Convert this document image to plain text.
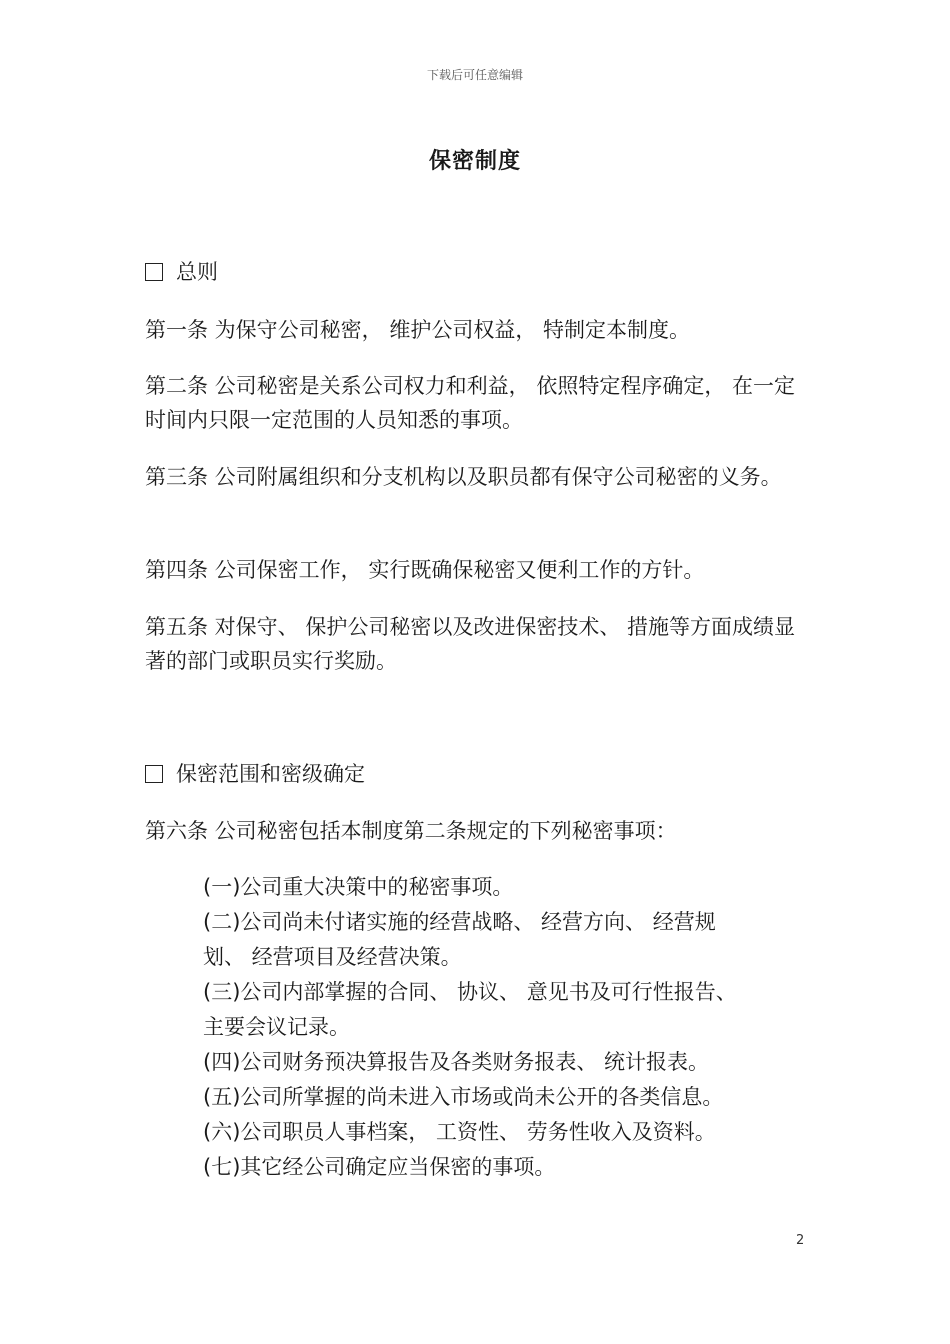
下载后可任意编辑
保密制度
总则
第一条 为保守公司秘密， 维护公司权益， 特制定本制度。
第二条 公司秘密是关系公司权力和利益， 依照特定程序确定， 在一定时间内只限一定范围的人员知悉的事项。
第三条 公司附属组织和分支机构以及职员都有保守公司秘密的义务。
第四条 公司保密工作， 实行既确保秘密又便利工作的方针。
第五条 对保守、 保护公司秘密以及改进保密技术、 措施等方面成绩显著的部门或职员实行奖励。
保密范围和密级确定
第六条 公司秘密包括本制度第二条规定的下列秘密事项：
(一)公司重大决策中的秘密事项。
(二)公司尚未付诸实施的经营战略、 经营方向、 经营规划、 经营项目及经营决策。
(三)公司内部掌握的合同、 协议、 意见书及可行性报告、 主要会议记录。
(四)公司财务预决算报告及各类财务报表、 统计报表。
(五)公司所掌握的尚未进入市场或尚未公开的各类信息。
(六)公司职员人事档案， 工资性、 劳务性收入及资料。
(七)其它经公司确定应当保密的事项。
2
